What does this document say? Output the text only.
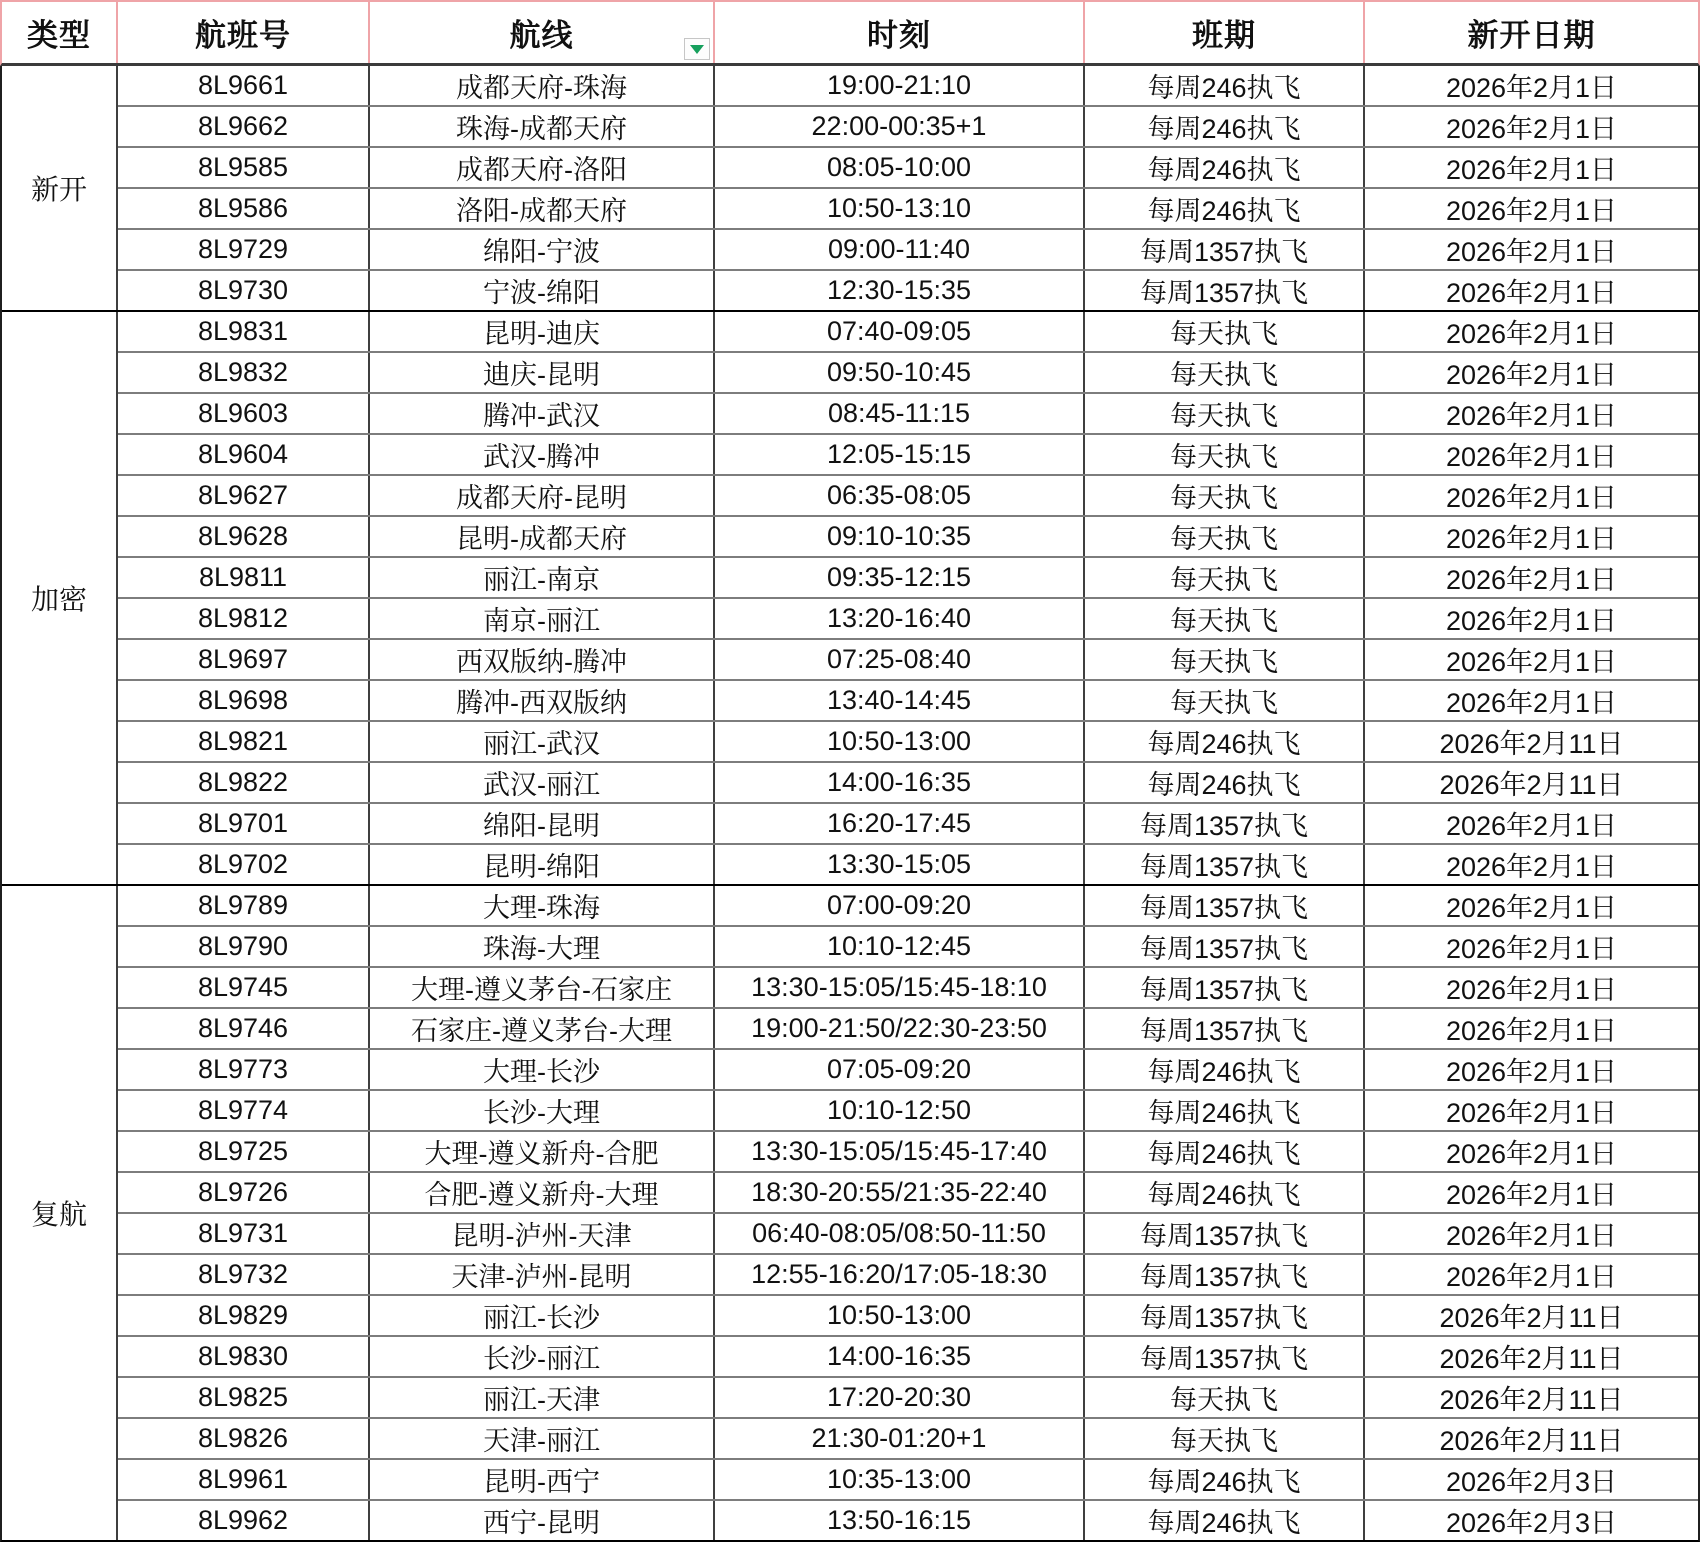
类型	航班号	航线	时刻	班期	新开日期
新开
8L9661	成都天府-珠海	19:00-21:10	每周246执飞	2026年2月1日
8L9662	珠海-成都天府	22:00-00:35+1	每周246执飞	2026年2月1日
8L9585	成都天府-洛阳	08:05-10:00	每周246执飞	2026年2月1日
8L9586	洛阳-成都天府	10:50-13:10	每周246执飞	2026年2月1日
8L9729	绵阳-宁波	09:00-11:40	每周1357执飞	2026年2月1日
8L9730	宁波-绵阳	12:30-15:35	每周1357执飞	2026年2月1日
加密
8L9831	昆明-迪庆	07:40-09:05	每天执飞	2026年2月1日
8L9832	迪庆-昆明	09:50-10:45	每天执飞	2026年2月1日
8L9603	腾冲-武汉	08:45-11:15	每天执飞	2026年2月1日
8L9604	武汉-腾冲	12:05-15:15	每天执飞	2026年2月1日
8L9627	成都天府-昆明	06:35-08:05	每天执飞	2026年2月1日
8L9628	昆明-成都天府	09:10-10:35	每天执飞	2026年2月1日
8L9811	丽江-南京	09:35-12:15	每天执飞	2026年2月1日
8L9812	南京-丽江	13:20-16:40	每天执飞	2026年2月1日
8L9697	西双版纳-腾冲	07:25-08:40	每天执飞	2026年2月1日
8L9698	腾冲-西双版纳	13:40-14:45	每天执飞	2026年2月1日
8L9821	丽江-武汉	10:50-13:00	每周246执飞	2026年2月11日
8L9822	武汉-丽江	14:00-16:35	每周246执飞	2026年2月11日
8L9701	绵阳-昆明	16:20-17:45	每周1357执飞	2026年2月1日
8L9702	昆明-绵阳	13:30-15:05	每周1357执飞	2026年2月1日
复航
8L9789	大理-珠海	07:00-09:20	每周1357执飞	2026年2月1日
8L9790	珠海-大理	10:10-12:45	每周1357执飞	2026年2月1日
8L9745	大理-遵义茅台-石家庄	13:30-15:05/15:45-18:10	每周1357执飞	2026年2月1日
8L9746	石家庄-遵义茅台-大理	19:00-21:50/22:30-23:50	每周1357执飞	2026年2月1日
8L9773	大理-长沙	07:05-09:20	每周246执飞	2026年2月1日
8L9774	长沙-大理	10:10-12:50	每周246执飞	2026年2月1日
8L9725	大理-遵义新舟-合肥	13:30-15:05/15:45-17:40	每周246执飞	2026年2月1日
8L9726	合肥-遵义新舟-大理	18:30-20:55/21:35-22:40	每周246执飞	2026年2月1日
8L9731	昆明-泸州-天津	06:40-08:05/08:50-11:50	每周1357执飞	2026年2月1日
8L9732	天津-泸州-昆明	12:55-16:20/17:05-18:30	每周1357执飞	2026年2月1日
8L9829	丽江-长沙	10:50-13:00	每周1357执飞	2026年2月11日
8L9830	长沙-丽江	14:00-16:35	每周1357执飞	2026年2月11日
8L9825	丽江-天津	17:20-20:30	每天执飞	2026年2月11日
8L9826	天津-丽江	21:30-01:20+1	每天执飞	2026年2月11日
8L9961	昆明-西宁	10:35-13:00	每周246执飞	2026年2月3日
8L9962	西宁-昆明	13:50-16:15	每周246执飞	2026年2月3日
